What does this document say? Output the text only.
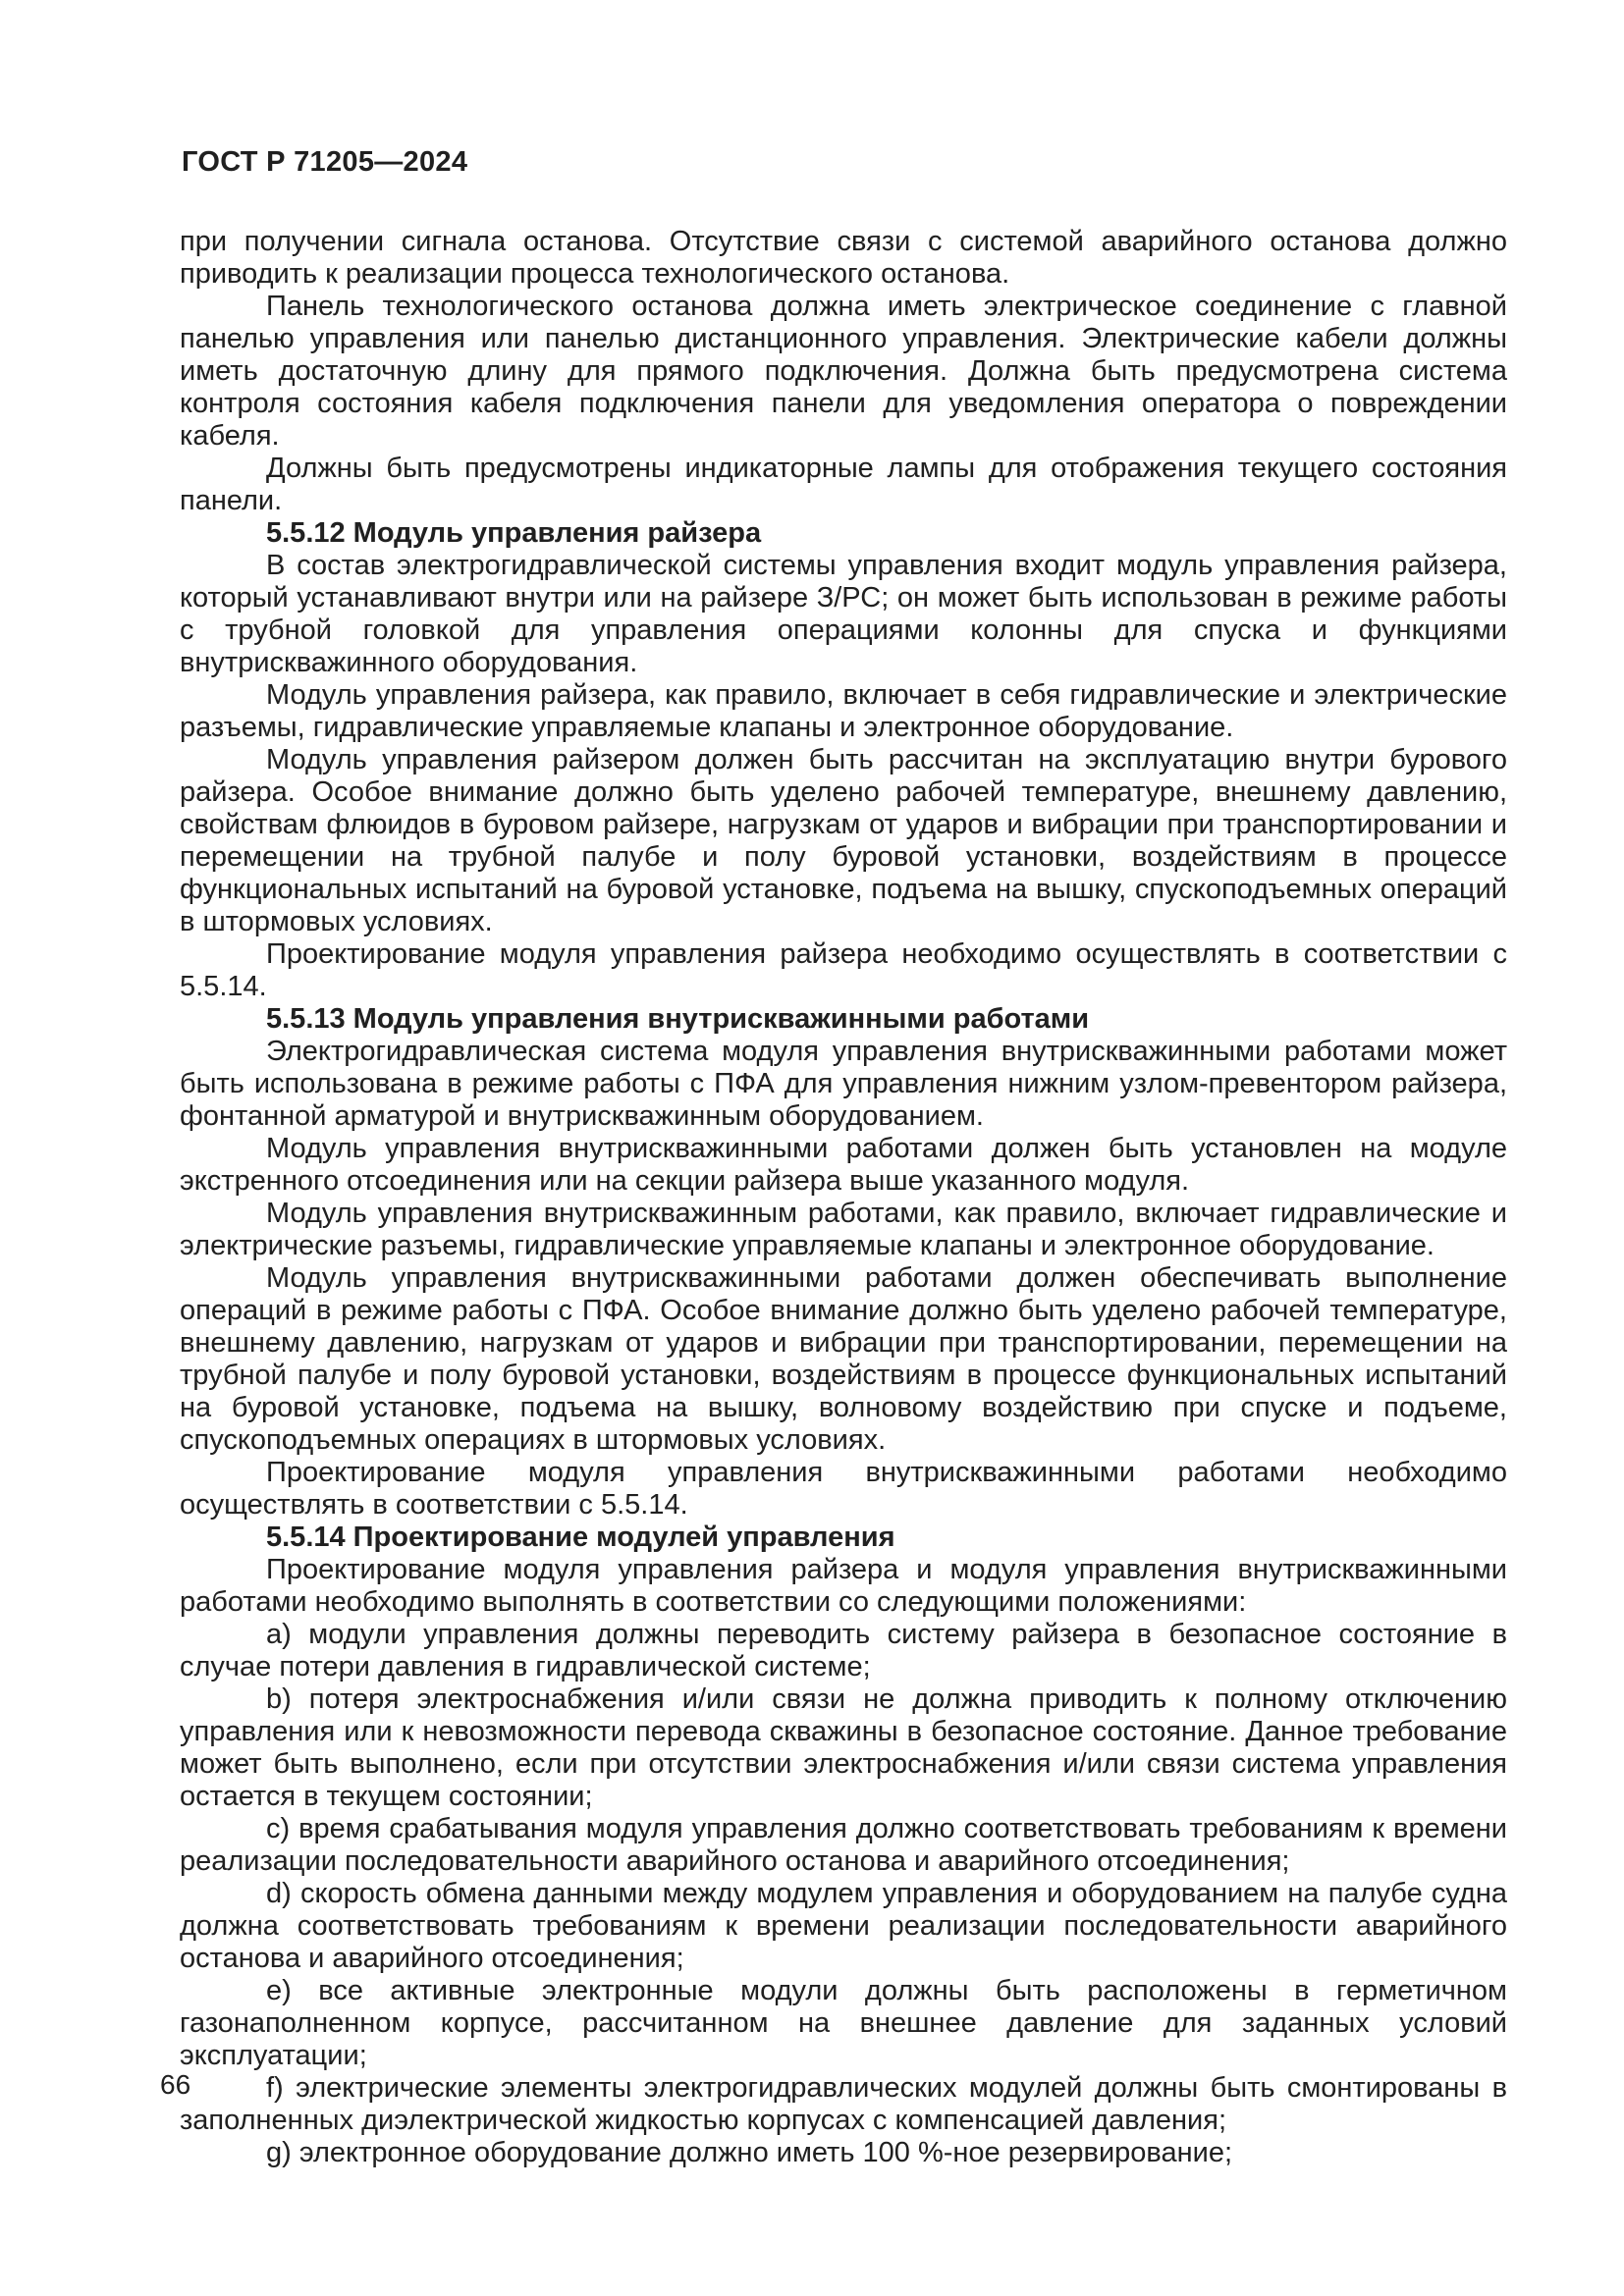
ГОСТ Р 71205—2024

при получении сигнала останова. Отсутствие связи с системой аварийного останова должно приводить к реализации процесса технологического останова.

Панель технологического останова должна иметь электрическое соединение с главной панелью управления или панелью дистанционного управления. Электрические кабели должны иметь достаточную длину для прямого подключения. Должна быть предусмотрена система контроля состояния кабеля подключения панели для уведомления оператора о повреждении кабеля.

Должны быть предусмотрены индикаторные лампы для отображения текущего состояния панели.

5.5.12 Модуль управления райзера

В состав электрогидравлической системы управления входит модуль управления райзера, который устанавливают внутри или на райзере З/РС; он может быть использован в режиме работы с трубной головкой для управления операциями колонны для спуска и функциями внутрискважинного оборудования.

Модуль управления райзера, как правило, включает в себя гидравлические и электрические разъемы, гидравлические управляемые клапаны и электронное оборудование.

Модуль управления райзером должен быть рассчитан на эксплуатацию внутри бурового райзера. Особое внимание должно быть уделено рабочей температуре, внешнему давлению, свойствам флюидов в буровом райзере, нагрузкам от ударов и вибрации при транспортировании и перемещении на трубной палубе и полу буровой установки, воздействиям в процессе функциональных испытаний на буровой установке, подъема на вышку, спускоподъемных операций в штормовых условиях.

Проектирование модуля управления райзера необходимо осуществлять в соответствии с 5.5.14.

5.5.13 Модуль управления внутрискважинными работами

Электрогидравлическая система модуля управления внутрискважинными работами может быть использована в режиме работы с ПФА для управления нижним узлом-превентором райзера, фонтанной арматурой и внутрискважинным оборудованием.

Модуль управления внутрискважинными работами должен быть установлен на модуле экстренного отсоединения или на секции райзера выше указанного модуля.

Модуль управления внутрискважинным работами, как правило, включает гидравлические и электрические разъемы, гидравлические управляемые клапаны и электронное оборудование.

Модуль управления внутрискважинными работами должен обеспечивать выполнение операций в режиме работы с ПФА. Особое внимание должно быть уделено рабочей температуре, внешнему давлению, нагрузкам от ударов и вибрации при транспортировании, перемещении на трубной палубе и полу буровой установки, воздействиям в процессе функциональных испытаний на буровой установке, подъема на вышку, волновому воздействию при спуске и подъеме, спускоподъемных операциях в штормовых условиях.

Проектирование модуля управления внутрискважинными работами необходимо осуществлять в соответствии с 5.5.14.

5.5.14 Проектирование модулей управления

Проектирование модуля управления райзера и модуля управления внутрискважинными работами необходимо выполнять в соответствии со следующими положениями:

a) модули управления должны переводить систему райзера в безопасное состояние в случае потери давления в гидравлической системе;

b) потеря электроснабжения и/или связи не должна приводить к полному отключению управления или к невозможности перевода скважины в безопасное состояние. Данное требование может быть выполнено, если при отсутствии электроснабжения и/или связи система управления остается в текущем состоянии;

c) время срабатывания модуля управления должно соответствовать требованиям к времени реализации последовательности аварийного останова и аварийного отсоединения;

d) скорость обмена данными между модулем управления и оборудованием на палубе судна должна соответствовать требованиям к времени реализации последовательности аварийного останова и аварийного отсоединения;

e) все активные электронные модули должны быть расположены в герметичном газонаполненном корпусе, рассчитанном на внешнее давление для заданных условий эксплуатации;

f) электрические элементы электрогидравлических модулей должны быть смонтированы в заполненных диэлектрической жидкостью корпусах с компенсацией давления;

g) электронное оборудование должно иметь 100 %-ное резервирование;

66
